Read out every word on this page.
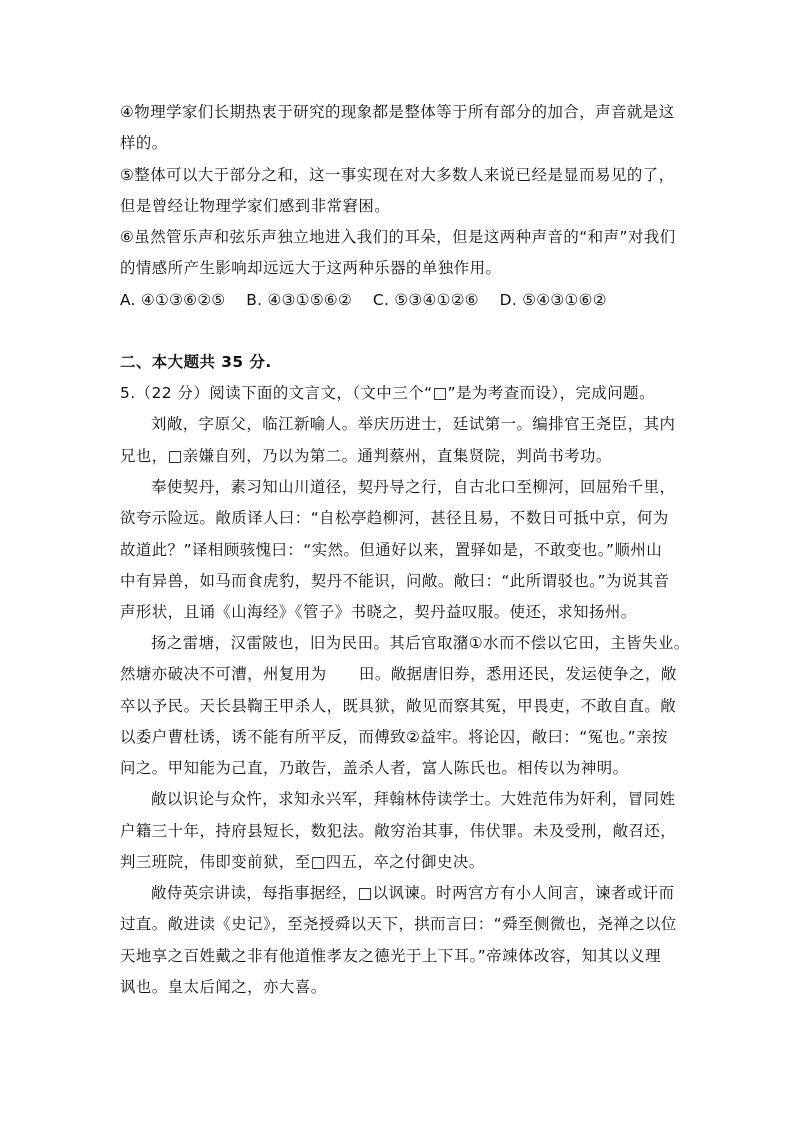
④物理学家们长期热衷于研究的现象都是整体等于所有部分的加合，声音就是这
样的。
⑤整体可以大于部分之和，这一事实现在对大多数人来说已经是显而易见的了，
但是曾经让物理学家们感到非常窘困。
⑥虽然管乐声和弦乐声独立地进入我们的耳朵，但是这两种声音的“和声”对我们
的情感所产生影响却远远大于这两种乐器的单独作用。
A. ④①③⑥②⑤    B. ④③①⑤⑥②    C. ⑤③④①②⑥    D. ⑤④③①⑥②
二、本大题共 35 分.
5.（22 分）阅读下面的文言文，（文中三个“□”是为考查而设），完成问题。
刘敞，字原父，临江新喻人。举庆历进士，廷试第一。编排官王尧臣，其内
兄也，□亲嫌自列，乃以为第二。通判蔡州，直集贤院，判尚书考功。
奉使契丹，素习知山川道径，契丹导之行，自古北口至柳河，回屈殆千里，
欲夸示险远。敞质译人曰：“自松亭趋柳河，甚径且易，不数日可抵中京，何为
故道此？”译相顾骇愧曰：“实然。但通好以来，置驿如是，不敢变也。”顺州山
中有异兽，如马而食虎豹，契丹不能识，问敞。敞曰：“此所谓驳也。”为说其音
声形状，且诵《山海经》《管子》书晓之，契丹益叹服。使还，求知扬州。
扬之雷塘，汉雷陂也，旧为民田。其后官取潴①水而不偿以它田，主皆失业。
然塘亦破决不可漕，州复用为      田。敞据唐旧券，悉用还民，发运使争之，敞
卒以予民。天长县鞫王甲杀人，既具狱，敞见而察其冤，甲畏吏，不敢自直。敞
以委户曹杜诱，诱不能有所平反，而傅致②益牢。将论囚，敞曰：“冤也。”亲按
问之。甲知能为己直，乃敢告，盖杀人者，富人陈氏也。相传以为神明。
敞以识论与众忤，求知永兴军，拜翰林侍读学士。大姓范伟为奸利，冒同姓
户籍三十年，持府县短长，数犯法。敞穷治其事，伟伏罪。未及受刑，敞召还，
判三班院，伟即变前狱，至□四五，卒之付御史决。
敞侍英宗讲读，每指事据经，□以讽谏。时两宫方有小人间言，谏者或讦而
过直。敞进读《史记》，至尧授舜以天下，拱而言曰：“舜至侧微也，尧禅之以位
天地享之百姓戴之非有他道惟孝友之德光于上下耳。”帝竦体改容，知其以义理
讽也。皇太后闻之，亦大喜。
